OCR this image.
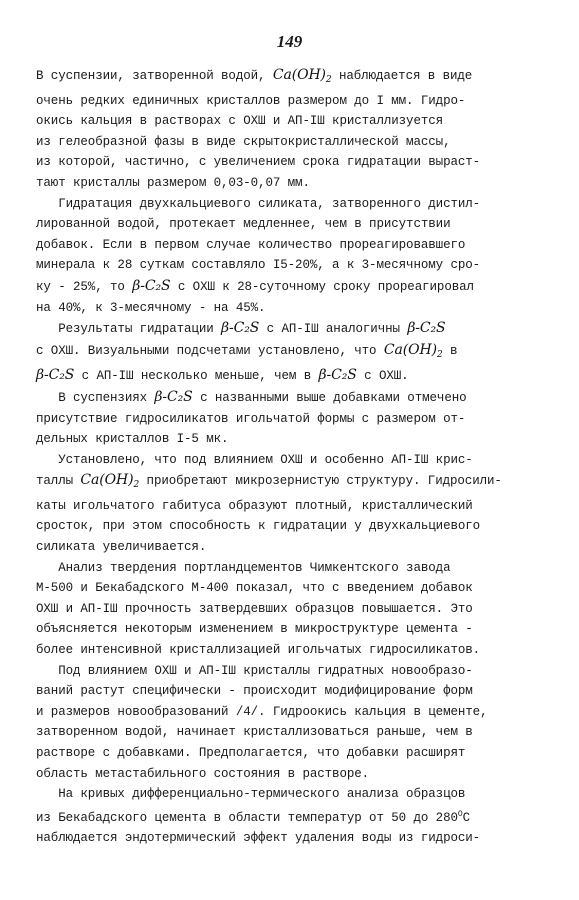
149
В суспензии, затворенной водой, $Ca(OH)_2$ наблюдается в виде
очень редких единичных кристаллов размером до I мм. Гидро-
окись кальция в растворах с ОХШ и АП-IШ кристаллизуется
из гелеобразной фазы в виде скрытокристаллической массы,
из которой, частично, с увеличением срока гидратации выраст-
тают кристаллы размером 0,03-0,07 мм.
Гидратация двухкальциевого силиката, затворенного дистил-
лированной водой, протекает медленнее, чем в присутствии
добавок. Если в первом случае количество прореагировавшего
минерала к 28 суткам составляло I5-20%, а к 3-месячному сро-
ку - 25%, то β-C₂S с ОХШ к 28-суточному сроку прореагировал
на 40%, к 3-месячному - на 45%.
Результаты гидратации β-C₂S с АП-IШ аналогичны β-C₂S
с ОХШ. Визуальными подсчетами установлено, что $Ca(OH)_2$ в
β-C₂S с АП-IШ несколько меньше, чем в β-C₂S с ОХШ.
В суспензиях β-C₂S с названными выше добавками отмечено
присутствие гидросиликатов игольчатой формы с размером от-
дельных кристаллов I-5 мк.
Установлено, что под влиянием ОХШ и особенно АП-IШ крис-
таллы $Ca(OH)_2$ приобретают микрозернистую структуру. Гидросили-
каты игольчатого габитуса образуют плотный, кристаллический
сросток, при этом способность к гидратации у двухкальциевого
силиката увеличивается.
Анализ твердения портландцементов Чимкентского завода
М-500 и Бекабадского М-400 показал, что с введением добавок
ОХШ и АП-IШ прочность затвердевших образцов повышается. Это
объясняется некоторым изменением в микроструктуре цемента -
более интенсивной кристаллизацией игольчатых гидросиликатов.
Под влиянием ОХШ и АП-IШ кристаллы гидратных новообразо-
ваний растут специфически - происходит модифицирование форм
и размеров новообразований /4/. Гидроокись кальция в цементе,
затворенном водой, начинает кристаллизоваться раньше, чем в
растворе с добавками. Предполагается, что добавки расширят
область метастабильного состояния в растворе.
На кривых дифференциально-термического анализа образцов
из Бекабадского цемента в области температур от 50 до $280^ОС$
наблюдается эндотермический эффект удаления воды из гидроси-
